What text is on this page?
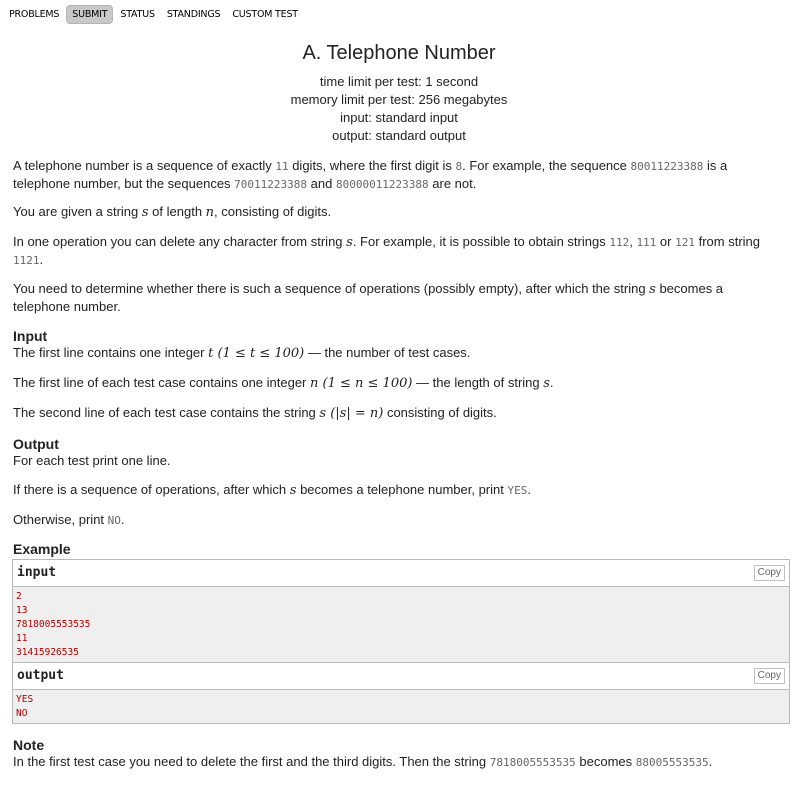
PROBLEMS	SUBMIT	STATUS	STANDINGS	CUSTOM TEST
A. Telephone Number
time limit per test: 1 second
memory limit per test: 256 megabytes
input: standard input
output: standard output
A telephone number is a sequence of exactly 11 digits, where the first digit is 8. For example, the sequence 80011223388 is a telephone number, but the sequences 70011223388 and 80000011223388 are not.
You are given a string s of length n, consisting of digits.
In one operation you can delete any character from string s. For example, it is possible to obtain strings 112, 111 or 121 from string 1121.
You need to determine whether there is such a sequence of operations (possibly empty), after which the string s becomes a telephone number.
Input
The first line contains one integer t (1 ≤ t ≤ 100) — the number of test cases.
The first line of each test case contains one integer n (1 ≤ n ≤ 100) — the length of string s.
The second line of each test case contains the string s (|s| = n) consisting of digits.
Output
For each test print one line.
If there is a sequence of operations, after which s becomes a telephone number, print YES.
Otherwise, print NO.
Example
input	Copy
2
13
7818005553535
11
31415926535
output	Copy
YES
NO
Note
In the first test case you need to delete the first and the third digits. Then the string 7818005553535 becomes 88005553535.
